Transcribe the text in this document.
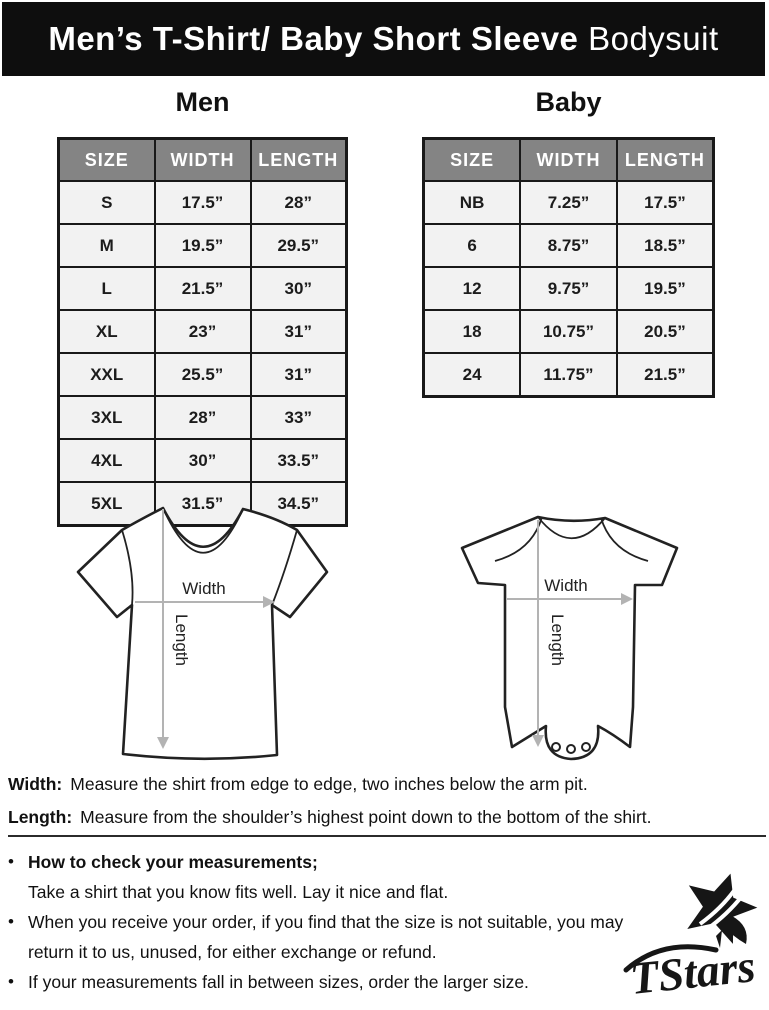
Men’s T-Shirt/ Baby Short Sleeve Bodysuit
Men	Baby
SIZE	WIDTH	LENGTH
S	17.5”	28”
M	19.5”	29.5”
L	21.5”	30”
XL	23”	31”
XXL	25.5”	31”
3XL	28”	33”
4XL	30”	33.5”
5XL	31.5”	34.5”
SIZE	WIDTH	LENGTH
NB	7.25”	17.5”
6	8.75”	18.5”
12	9.75”	19.5”
18	10.75”	20.5”
24	11.75”	21.5”
Width
Length
Width
Length
Width: Measure the shirt from edge to edge, two inches below the arm pit.
Length: Measure from the shoulder’s highest point down to the bottom of the shirt.
• How to check your measurements;
Take a shirt that you know fits well. Lay it nice and flat.
• When you receive your order, if you find that the size is not suitable, you may return it to us, unused, for either exchange or refund.
• If your measurements fall in between sizes, order the larger size.	TStars
